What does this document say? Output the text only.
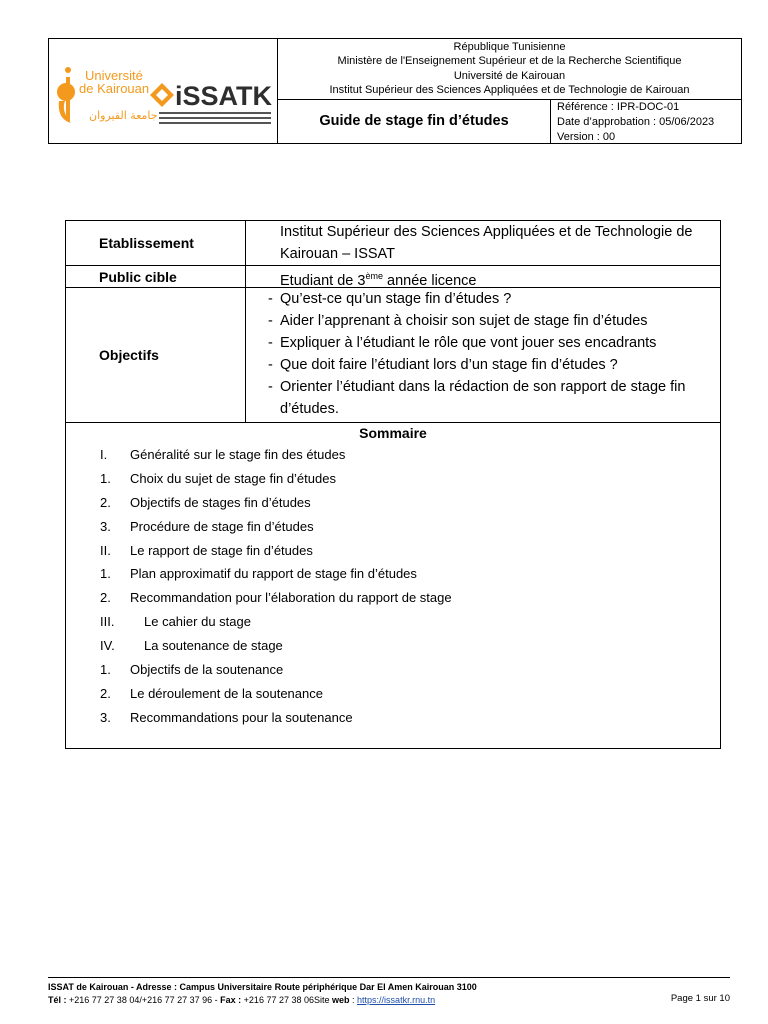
Université
de Kairouan
جامعة القيروان
iSSATK
République Tunisienne
Ministère de l'Enseignement Supérieur et de la Recherche Scientifique
Université de Kairouan
Institut Supérieur des Sciences Appliquées et de Technologie de Kairouan
Guide de stage fin d’études
Référence : IPR-DOC-01
Date d’approbation : 05/06/2023
Version : 00
Etablissement
Institut Supérieur des Sciences Appliquées et de Technologie de Kairouan – ISSAT
Public cible	Etudiant de 3ème année licence
Objectifs
- Qu’est-ce qu’un stage fin d’études ?
- Aider l’apprenant à choisir son sujet de stage fin d’études
- Expliquer à l’étudiant le rôle que vont jouer ses encadrants
- Que doit faire l’étudiant lors d’un stage fin d’études ?
- Orienter l’étudiant dans la rédaction de son rapport de stage fin d’études.
Sommaire
I. Généralité sur le stage fin des études
1. Choix du sujet de stage fin d’études
2. Objectifs de stages fin d’études
3. Procédure de stage fin d’études
II. Le rapport de stage fin d’études
1. Plan approximatif du rapport de stage fin d’études
2. Recommandation pour l’élaboration du rapport de stage
III. Le cahier du stage
IV. La soutenance de stage
1. Objectifs de la soutenance
2. Le déroulement de la soutenance
3. Recommandations pour la soutenance
ISSAT de Kairouan - Adresse : Campus Universitaire Route périphérique Dar El Amen Kairouan 3100
Tél : +216 77 27 38 04/+216 77 27 37 96 - Fax : +216 77 27 38 06Site web : https://issatkr.rnu.tn	Page 1 sur 10
